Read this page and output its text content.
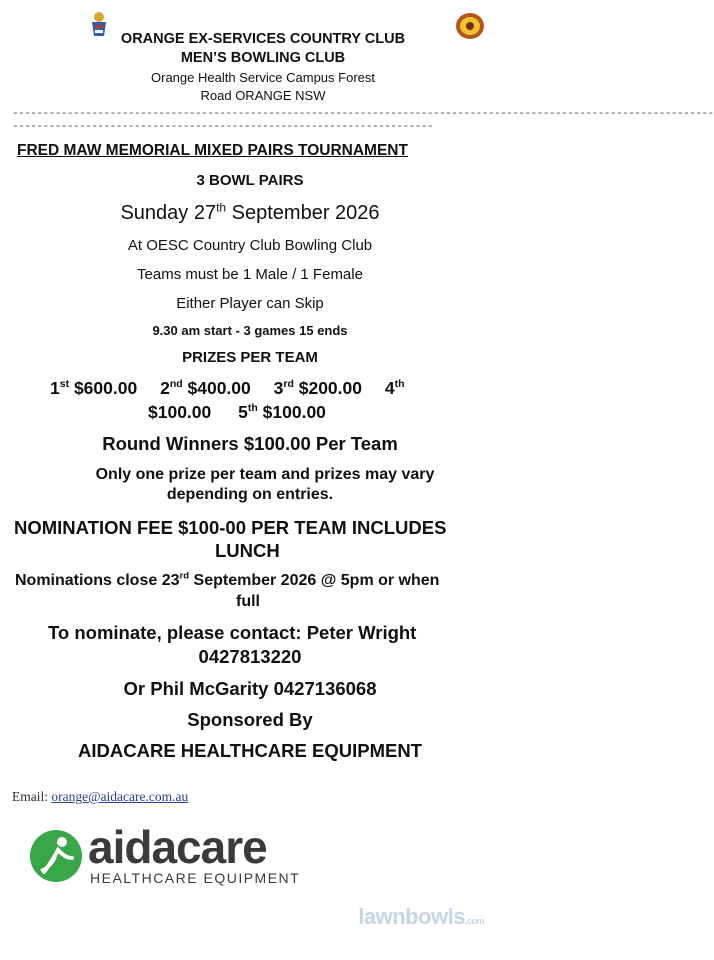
ORANGE EX-SERVICES COUNTRY CLUB
MEN’S BOWLING CLUB
Orange Health Service Campus Forest
Road ORANGE NSW
-------------------------------------------------------------------------------------------------------------------
---------------------------------------------------------------------
FRED MAW MEMORIAL MIXED PAIRS TOURNAMENT
3 BOWL PAIRS
Sunday 27th September 2026
At OESC Country Club Bowling Club
Teams must be 1 Male / 1 Female
Either Player can Skip
9.30 am start - 3 games 15 ends
PRIZES PER TEAM
1st $600.00 2nd $400.00 3rd $200.00 4th
$100.00 5th $100.00
Round Winners $100.00 Per Team
Only one prize per team and prizes may vary
depending on entries.
NOMINATION FEE $100-00 PER TEAM INCLUDES
LUNCH
Nominations close 23rd September 2026 @ 5pm or when
full
To nominate, please contact: Peter Wright
0427813220
Or Phil McGarity 0427136068
Sponsored By
AIDACARE HEALTHCARE EQUIPMENT
Email: orange@aidacare.com.au
aidacare
HEALTHCARE EQUIPMENT
lawnbowls.com
